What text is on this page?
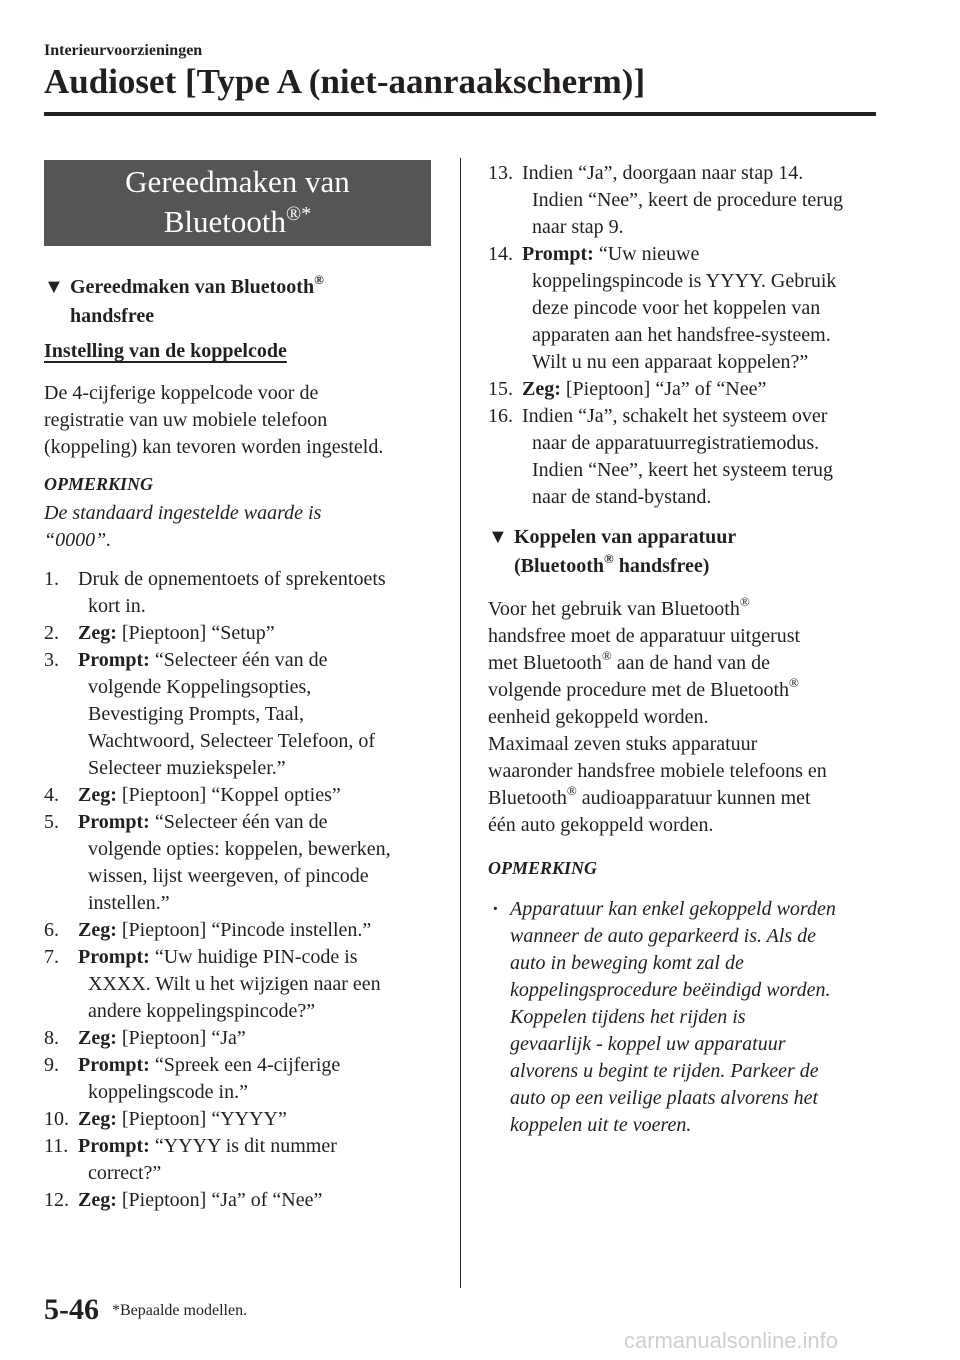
Interieurvoorzieningen
Audioset [Type A (niet-aanraakscherm)]
Gereedmaken van
Bluetooth®*
▼ Gereedmaken van Bluetooth®
handsfree
Instelling van de koppelcode
De 4-cijferige koppelcode voor de
registratie van uw mobiele telefoon
(koppeling) kan tevoren worden ingesteld.
OPMERKING
De standaard ingestelde waarde is
“0000”.
1. Druk de opnementoets of sprekentoets
kort in.
2. Zeg: [Pieptoon] “Setup”
3. Prompt: “Selecteer één van de
volgende Koppelingsopties,
Bevestiging Prompts, Taal,
Wachtwoord, Selecteer Telefoon, of
Selecteer muziekspeler.”
4. Zeg: [Pieptoon] “Koppel opties”
5. Prompt: “Selecteer één van de
volgende opties: koppelen, bewerken,
wissen, lijst weergeven, of pincode
instellen.”
6. Zeg: [Pieptoon] “Pincode instellen.”
7. Prompt: “Uw huidige PIN-code is
XXXX. Wilt u het wijzigen naar een
andere koppelingspincode?”
8. Zeg: [Pieptoon] “Ja”
9. Prompt: “Spreek een 4-cijferige
koppelingscode in.”
10. Zeg: [Pieptoon] “YYYY”
11. Prompt: “YYYY is dit nummer
correct?”
12. Zeg: [Pieptoon] “Ja” of “Nee”
13. Indien “Ja”, doorgaan naar stap 14.
Indien “Nee”, keert de procedure terug
naar stap 9.
14. Prompt: “Uw nieuwe
koppelingspincode is YYYY. Gebruik
deze pincode voor het koppelen van
apparaten aan het handsfree-systeem.
Wilt u nu een apparaat koppelen?”
15. Zeg: [Pieptoon] “Ja” of “Nee”
16. Indien “Ja”, schakelt het systeem over
naar de apparatuurregistratiemodus.
Indien “Nee”, keert het systeem terug
naar de stand-bystand.
▼ Koppelen van apparatuur
(Bluetooth® handsfree)
Voor het gebruik van Bluetooth®
handsfree moet de apparatuur uitgerust
met Bluetooth® aan de hand van de
volgende procedure met de Bluetooth®
eenheid gekoppeld worden.
Maximaal zeven stuks apparatuur
waaronder handsfree mobiele telefoons en
Bluetooth® audioapparatuur kunnen met
één auto gekoppeld worden.
OPMERKING
· Apparatuur kan enkel gekoppeld worden
wanneer de auto geparkeerd is. Als de
auto in beweging komt zal de
koppelingsprocedure beëindigd worden.
Koppelen tijdens het rijden is
gevaarlijk - koppel uw apparatuur
alvorens u begint te rijden. Parkeer de
auto op een veilige plaats alvorens het
koppelen uit te voeren.
5-46 *Bepaalde modellen.
carmanualsonline.info
